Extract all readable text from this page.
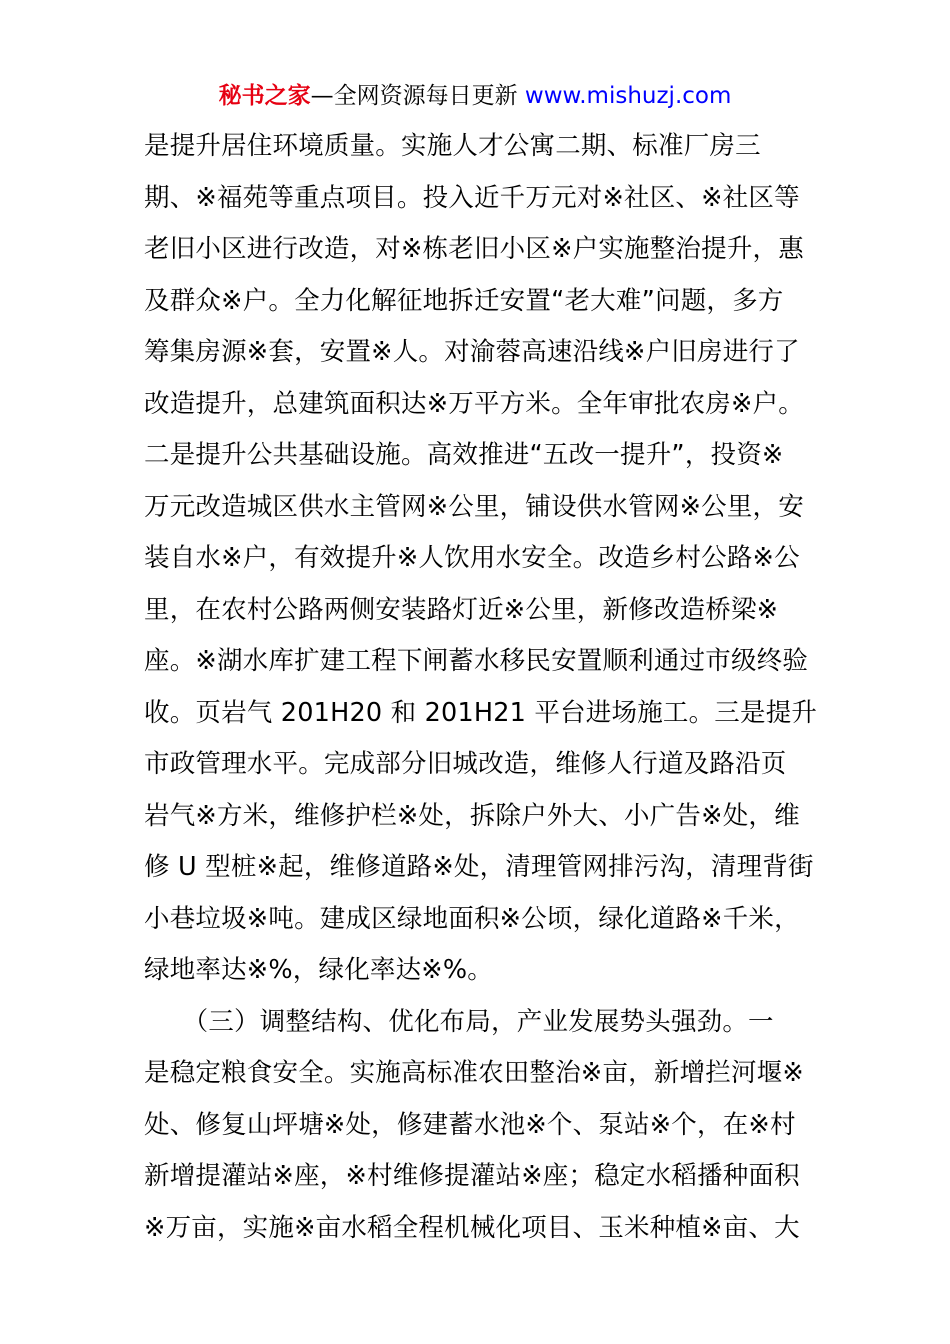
秘书之家—全网资源每日更新 www.mishuzj.com
是提升居住环境质量。实施人才公寓二期、标准厂房三
期、※福苑等重点项目。投入近千万元对※社区、※社区等
老旧小区进行改造，对※栋老旧小区※户实施整治提升，惠
及群众※户。全力化解征地拆迁安置“老大难”问题，多方
筹集房源※套，安置※人。对渝蓉高速沿线※户旧房进行了
改造提升，总建筑面积达※万平方米。全年审批农房※户。
二是提升公共基础设施。高效推进“五改一提升”，投资※
万元改造城区供水主管网※公里，铺设供水管网※公里，安
装自水※户，有效提升※人饮用水安全。改造乡村公路※公
里，在农村公路两侧安装路灯近※公里，新修改造桥梁※
座。※湖水库扩建工程下闸蓄水移民安置顺利通过市级终验
收。页岩气 201H20 和 201H21 平台进场施工。三是提升
市政管理水平。完成部分旧城改造，维修人行道及路沿页
岩气※方米，维修护栏※处，拆除户外大、小广告※处，维
修 U 型桩※起，维修道路※处，清理管网排污沟，清理背街
小巷垃圾※吨。建成区绿地面积※公顷，绿化道路※千米，
绿地率达※%，绿化率达※%。
　　（三）调整结构、优化布局，产业发展势头强劲。一
是稳定粮食安全。实施高标准农田整治※亩，新增拦河堰※
处、修复山坪塘※处，修建蓄水池※个、泵站※个，在※村
新增提灌站※座，※村维修提灌站※座；稳定水稻播种面积
※万亩，实施※亩水稻全程机械化项目、玉米种植※亩、大
